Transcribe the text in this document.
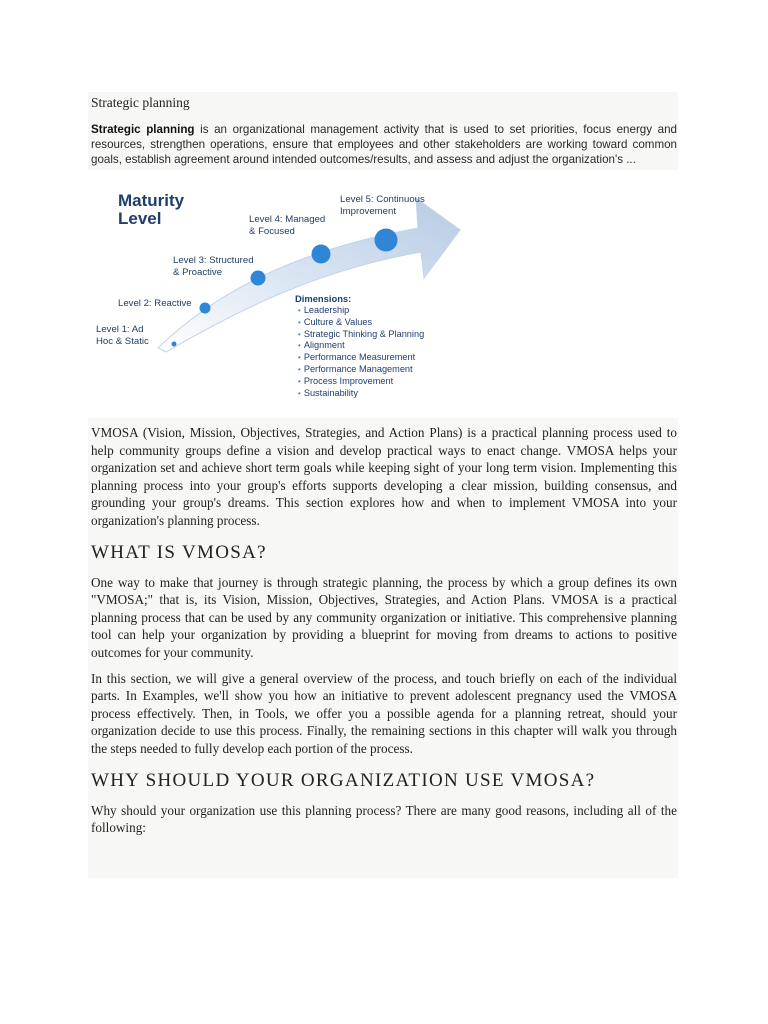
Strategic planning

Strategic planning is an organizational management activity that is used to set priorities, focus energy and resources, strengthen operations, ensure that employees and other stakeholders are working toward common goals, establish agreement around intended outcomes/results, and assess and adjust the organization's ...

Maturity
Level
Level 1: Ad
Hoc & Static
Level 2: Reactive
Level 3: Structured
& Proactive
Level 4: Managed
& Focused
Level 5: Continuous
Improvement
Dimensions:
• Leadership
• Culture & Values
• Strategic Thinking & Planning
• Alignment
• Performance Measurement
• Performance Management
• Process Improvement
• Sustainability

VMOSA (Vision, Mission, Objectives, Strategies, and Action Plans) is a practical planning process used to help community groups define a vision and develop practical ways to enact change. VMOSA helps your organization set and achieve short term goals while keeping sight of your long term vision. Implementing this planning process into your group's efforts supports developing a clear mission, building consensus, and grounding your group's dreams. This section explores how and when to implement VMOSA into your organization's planning process.

WHAT IS VMOSA?

One way to make that journey is through strategic planning, the process by which a group defines its own "VMOSA;" that is, its Vision, Mission, Objectives, Strategies, and Action Plans. VMOSA is a practical planning process that can be used by any community organization or initiative. This comprehensive planning tool can help your organization by providing a blueprint for moving from dreams to actions to positive outcomes for your community.

In this section, we will give a general overview of the process, and touch briefly on each of the individual parts. In Examples, we'll show you how an initiative to prevent adolescent pregnancy used the VMOSA process effectively. Then, in Tools, we offer you a possible agenda for a planning retreat, should your organization decide to use this process. Finally, the remaining sections in this chapter will walk you through the steps needed to fully develop each portion of the process.

WHY SHOULD YOUR ORGANIZATION USE VMOSA?

Why should your organization use this planning process? There are many good reasons, including all of the following:
